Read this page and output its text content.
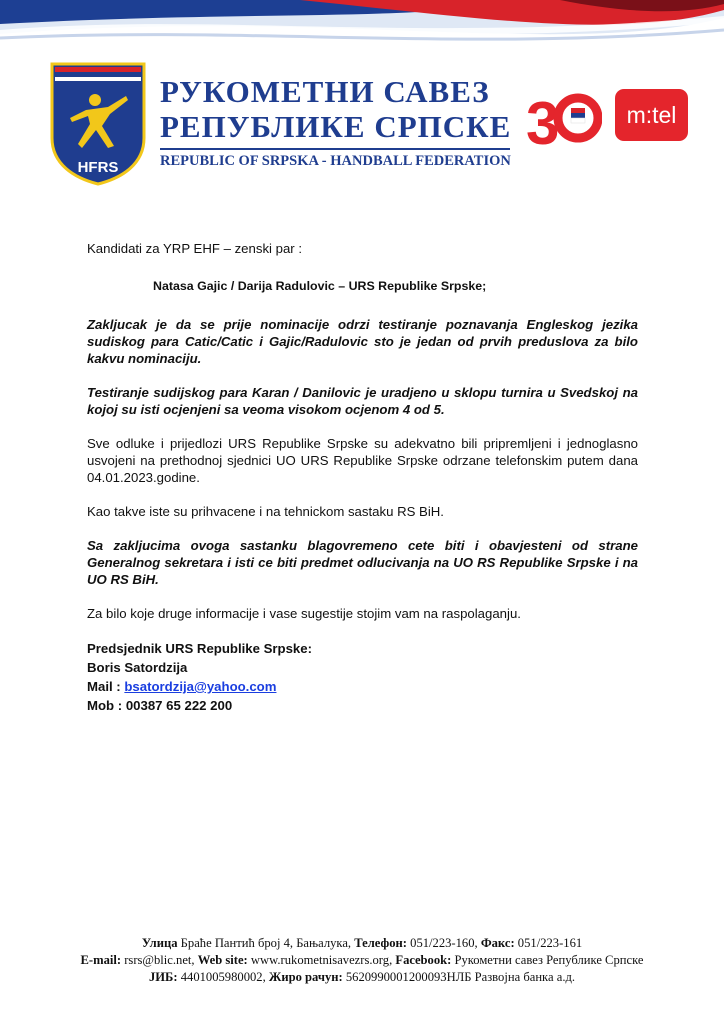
HFRS
РУКОМЕТНИ САВЕЗ
РЕПУБЛИКЕ СРПСКЕ
REPUBLIC OF SRPSKA - HANDBALL FEDERATION
3	m:tel

Kandidati za YRP EHF – zenski par :

Natasa Gajic / Darija Radulovic – URS Republike Srpske;

Zakljucak je da se prije nominacije odrzi testiranje poznavanja Engleskog jezika sudiskog para Catic/Catic i Gajic/Radulovic sto je jedan od prvih preduslova za bilo kakvu nominaciju.

Testiranje sudijskog para Karan / Danilovic je uradjeno u sklopu turnira u Svedskoj na kojoj su isti ocjenjeni sa veoma visokom ocjenom 4 od 5.

Sve odluke i prijedlozi URS Republike Srpske su adekvatno bili pripremljeni i jednoglasno usvojeni na prethodnoj sjednici UO URS Republike Srpske odrzane telefonskim putem dana 04.01.2023.godine.

Kao takve iste su prihvacene i na tehnickom sastaku RS BiH.

Sa zakljucima ovoga sastanku blagovremeno cete biti i obavjesteni od strane Generalnog sekretara i isti ce biti predmet odlucivanja na UO RS Republike Srpske i na UO RS BiH.

Za bilo koje druge informacije i vase sugestije stojim vam na raspolaganju.

Predsjednik URS Republike Srpske:
Boris Satordzija
Mail : bsatordzija@yahoo.com
Mob : 00387 65 222 200
Улица Браће Пантић број 4, Бањалука, Телефон: 051/223-160, Факс: 051/223-161
E-mail: rsrs@blic.net, Web site: www.rukometnisavezrs.org, Facebook: Рукометни савез Републике Српске
ЈИБ: 4401005980002, Жиро рачун: 5620990001200093НЛБ Развојна банка а.д.
